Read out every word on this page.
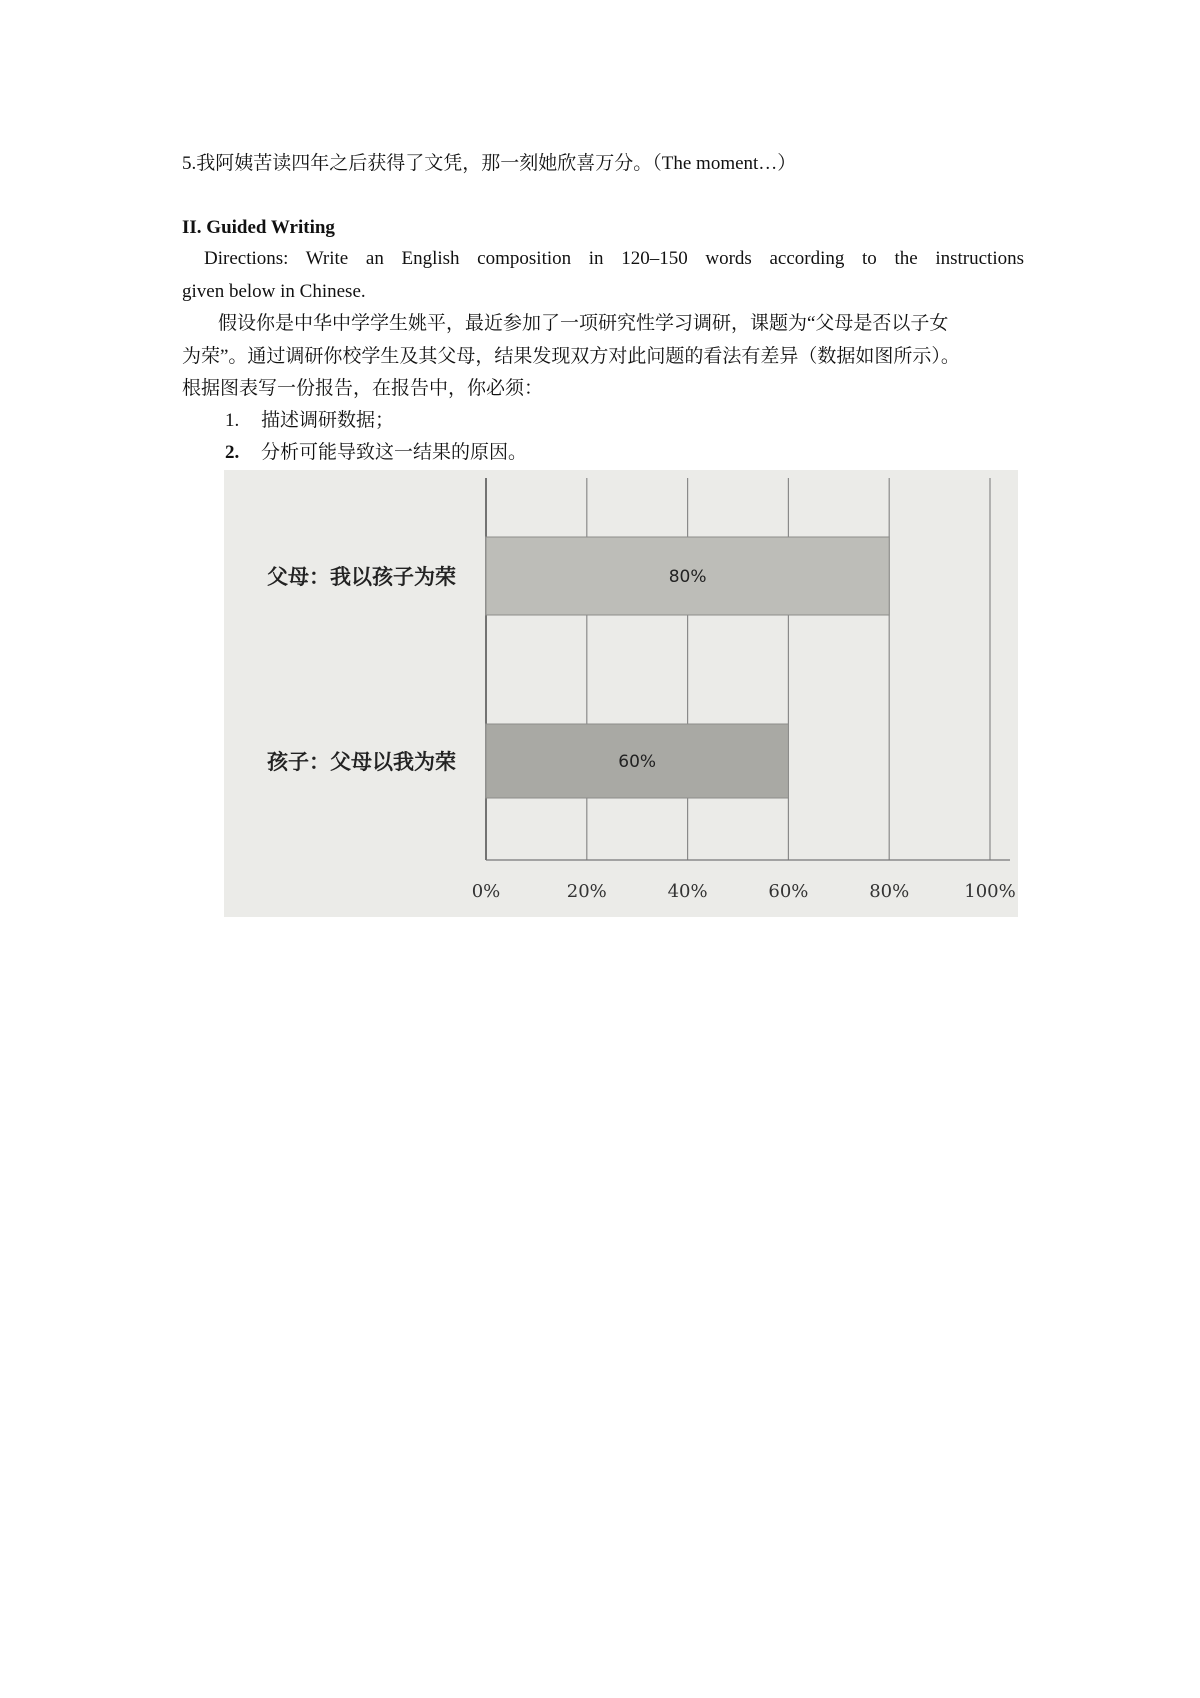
5.我阿姨苦读四年之后获得了文凭，那一刻她欣喜万分。（The moment…）
II. Guided Writing
Directions: Write an English composition in 120–150 words according to the instructions
given below in Chinese.
假设你是中华中学学生姚平，最近参加了一项研究性学习调研，课题为“父母是否以子女
为荣”。通过调研你校学生及其父母，结果发现双方对此问题的看法有差异（数据如图所示）。
根据图表写一份报告，在报告中，你必须：
1. 描述调研数据；
2. 分析可能导致这一结果的原因。
80%
父母：我以孩子为荣
60%
孩子：父母以我为荣
0%	20%	40%	60%	80%	100%
